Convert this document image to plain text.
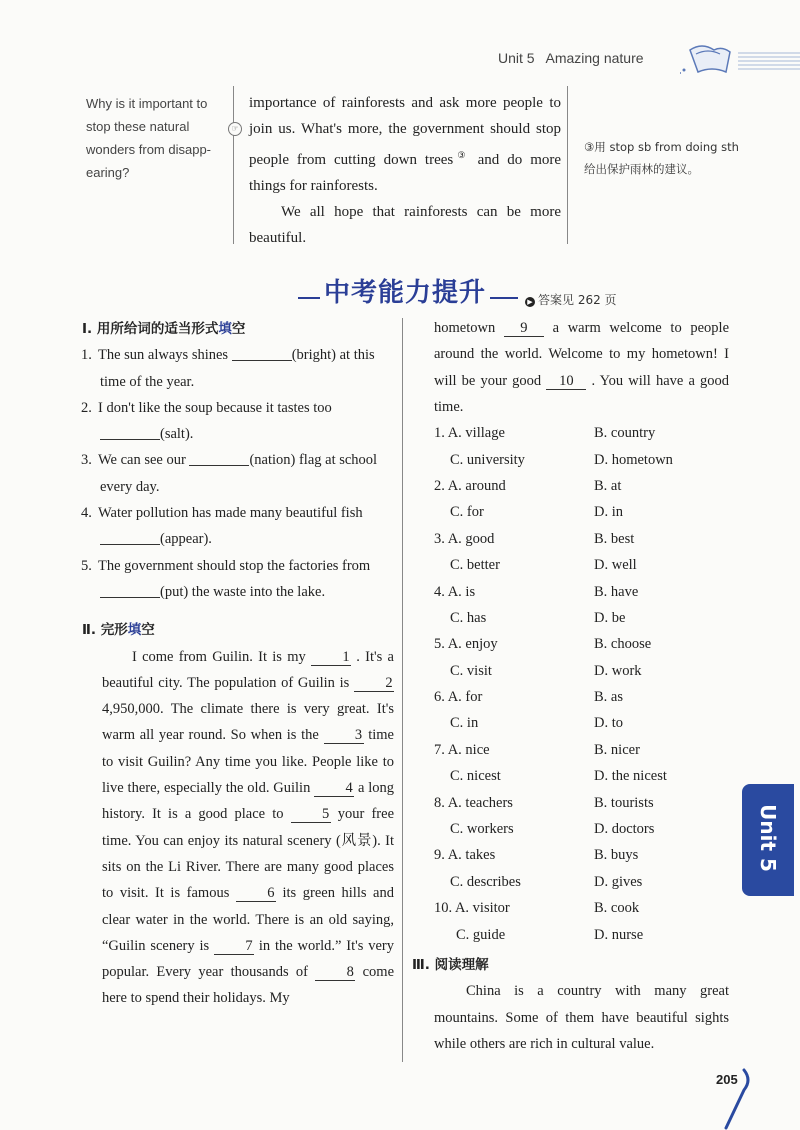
Unit 5 Amazing nature
Why is it important to stop these natural wonders from disapp- earing?
☞

importance of rainforests and ask more people to join us. What's more, the government should stop people from cutting down trees③ and do more things for rainforests.

We all hope that rainforests can be more beautiful.

③用 stop sb from doing sth 给出保护雨林的建议。
中考能力提升	▶ 答案见 262 页
Ⅰ. 用所给词的适当形式填空
1. The sun always shines	(bright) at this time of the year.
2. I don't like the soup because it tastes too (salt).
3. We can see our	(nation) flag at school every day.
4. Water pollution has made many beautiful fish (appear).
5. The government should stop the factories from (put) the waste into the lake.
Ⅱ. 完形填空
I come from Guilin. It is my	1 . It's a beautiful city. The population of Guilin is 2 4,950,000. The climate there is very great. It's warm all year round. So when is the 3 time to visit Guilin? Any time you like. People like to live there, especially the old. Guilin 4 a long history. It is a good place to	5 your free time. You can enjoy its natural scenery (风景). It sits on the Li River. There are many good places to visit. It is famous	6 its green hills and clear water in the world. There is an old saying, “Guilin scenery is 7 in the world.” It's very popular. Every year thousands of	8 come here to spend their holidays. My
hometown 9 a warm welcome to people around the world. Welcome to my hometown! I will be your good 10 . You will have a good time.
1. A. village	B. country
C. university	D. hometown
2. A. around	B. at
C. for	D. in
3. A. good	B. best
C. better	D. well
4. A. is	B. have
C. has	D. be
5. A. enjoy	B. choose
C. visit	D. work
6. A. for	B. as
C. in	D. to
7. A. nice	B. nicer
C. nicest	D. the nicest
8. A. teachers	B. tourists
C. workers	D. doctors
9. A. takes	B. buys
C. describes	D. gives
10. A. visitor	B. cook
C. guide	D. nurse
Ⅲ. 阅读理解
China is a country with many great mountains. Some of them have beautiful sights while others are rich in cultural value.
Unit 5
205
